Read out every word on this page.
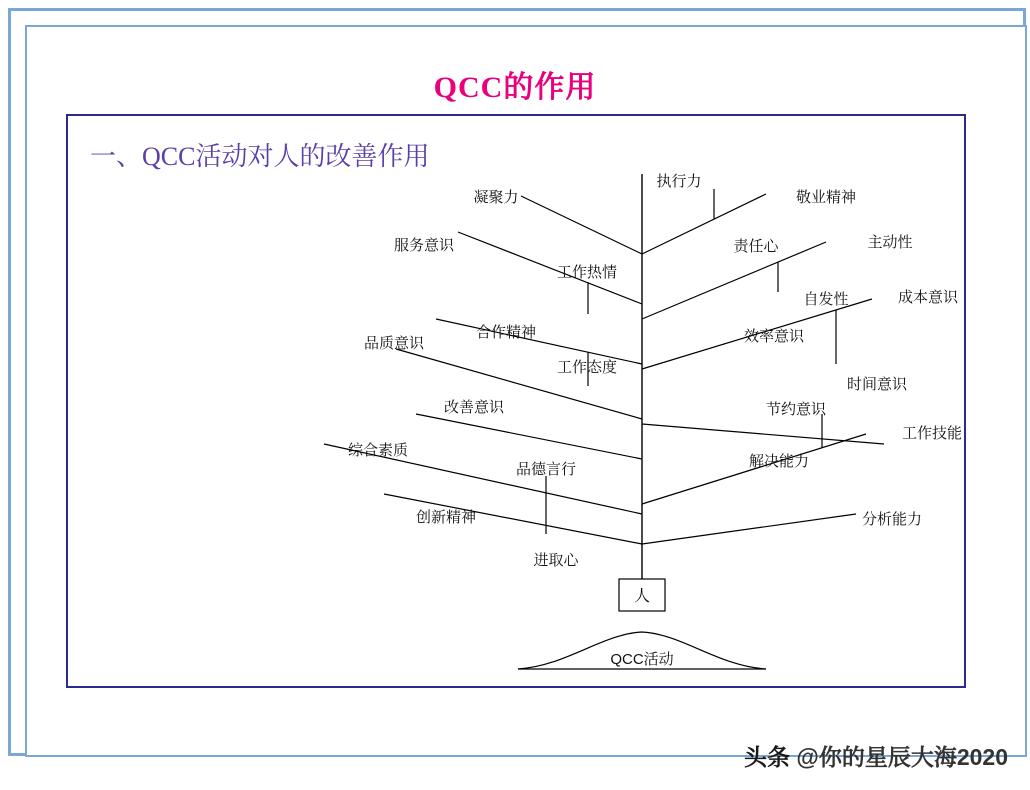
QCC的作用
一、QCC活动对人的改善作用
执行力
敬业精神
责任心	主动性
自发性	成本意识
效率意识
时间意识
节约意识
工作技能
解决能力
分析能力
凝聚力
服务意识
工作热情
合作精神
品质意识
工作态度
改善意识
综合素质
品德言行
创新精神
进取心
人
QCC活动
头条 @你的星辰大海2020
